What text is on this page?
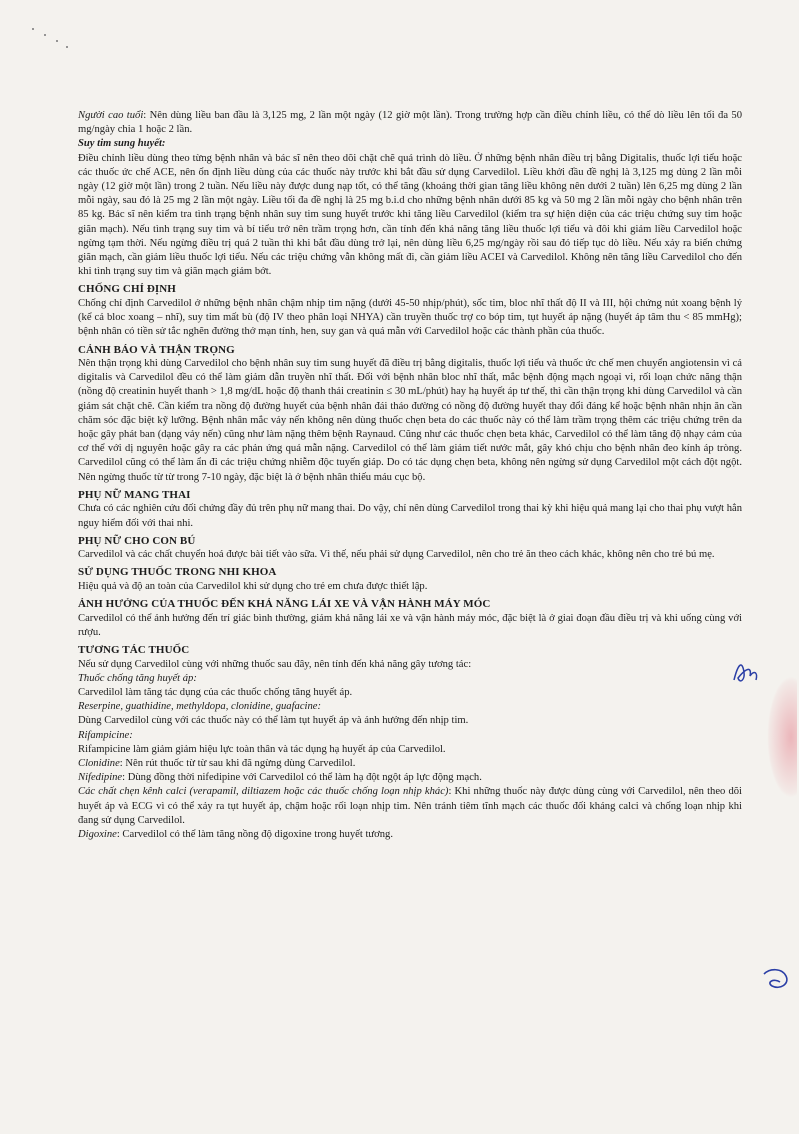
Người cao tuổi: Nên dùng liều ban đầu là 3,125 mg, 2 lần một ngày (12 giờ một lần). Trong trường hợp cần điều chỉnh liều, có thể dò liều lên tối đa 50 mg/ngày chia 1 hoặc 2 lần.

Suy tim sung huyết:

Điều chỉnh liều dùng theo từng bệnh nhân và bác sĩ nên theo dõi chặt chẽ quá trình dò liều. Ở những bệnh nhân điều trị bằng Digitalis, thuốc lợi tiểu hoặc các thuốc ức chế ACE, nên ổn định liều dùng của các thuốc này trước khi bắt đầu sử dụng Carvedilol. Liều khởi đầu đề nghị là 3,125 mg dùng 2 lần mỗi ngày (12 giờ một lần) trong 2 tuần. Nếu liều này được dung nạp tốt, có thể tăng (khoảng thời gian tăng liều không nên dưới 2 tuần) lên 6,25 mg dùng 2 lần mỗi ngày, sau đó là 25 mg 2 lần một ngày. Liều tối đa đề nghị là 25 mg b.i.d cho những bệnh nhân dưới 85 kg và 50 mg 2 lần mỗi ngày cho bệnh nhân trên 85 kg. Bác sĩ nên kiểm tra tình trạng bệnh nhân suy tim sung huyết trước khi tăng liều Carvedilol (kiểm tra sự hiện diện của các triệu chứng suy tim hoặc giãn mạch). Nếu tình trạng suy tim và bí tiểu trở nên trầm trọng hơn, cần tính đến khả năng tăng liều thuốc lợi tiểu và đôi khi giảm liều Carvedilol hoặc ngừng tạm thời. Nếu ngừng điều trị quá 2 tuần thì khi bắt đầu dùng trở lại, nên dùng liều 6,25 mg/ngày rồi sau đó tiếp tục dò liều. Nếu xảy ra biến chứng giãn mạch, cần giảm liều thuốc lợi tiểu. Nếu các triệu chứng vẫn không mất đi, cần giảm liều ACEI và Carvedilol. Không nên tăng liều Carvedilol cho đến khi tình trạng suy tim và giãn mạch giảm bớt.

CHỐNG CHỈ ĐỊNH

Chống chỉ định Carvedilol ở những bệnh nhân chậm nhịp tim nặng (dưới 45-50 nhịp/phút), sốc tim, bloc nhĩ thất độ II và III, hội chứng nút xoang bệnh lý (kể cả bloc xoang – nhĩ), suy tim mất bù (độ IV theo phân loại NHYA) cần truyền thuốc trợ co bóp tim, tụt huyết áp nặng (huyết áp tâm thu < 85 mmHg); bệnh nhân có tiền sử tắc nghẽn đường thở mạn tính, hen, suy gan và quá mẫn với Carvedilol hoặc các thành phần của thuốc.

CẢNH BÁO VÀ THẬN TRỌNG

Nên thận trọng khi dùng Carvedilol cho bệnh nhân suy tim sung huyết đã điều trị bằng digitalis, thuốc lợi tiểu và thuốc ức chế men chuyển angiotensin vì cả digitalis và Carvedilol đều có thể làm giảm dẫn truyền nhĩ thất. Đối với bệnh nhân bloc nhĩ thất, mắc bệnh động mạch ngoại vi, rối loạn chức năng thận (nồng độ creatinin huyết thanh > 1,8 mg/dL hoặc độ thanh thải creatinin ≤ 30 mL/phút) hay hạ huyết áp tư thế, thì cần thận trọng khi dùng Carvedilol và cần giám sát chặt chẽ. Cần kiểm tra nồng độ đường huyết của bệnh nhân đái tháo đường có nồng độ đường huyết thay đổi đáng kể hoặc bệnh nhân nhịn ăn cần chăm sóc đặc biệt kỹ lưỡng. Bệnh nhân mắc vảy nến không nên dùng thuốc chẹn beta do các thuốc này có thể làm trầm trọng thêm các triệu chứng trên da hoặc gây phát ban (dạng vảy nến) cũng như làm nặng thêm bệnh Raynaud. Cũng như các thuốc chẹn beta khác, Carvedilol có thể làm tăng độ nhạy cảm của cơ thể với dị nguyên hoặc gây ra các phản ứng quá mẫn nặng. Carvedilol có thể làm giảm tiết nước mắt, gây khó chịu cho bệnh nhân đeo kính áp tròng. Carvedilol cũng có thể làm ẩn đi các triệu chứng nhiễm độc tuyến giáp. Do có tác dụng chẹn beta, không nên ngừng sử dụng Carvedilol một cách đột ngột. Nên ngừng thuốc từ từ trong 7-10 ngày, đặc biệt là ở bệnh nhân thiếu máu cục bộ.

PHỤ NỮ MANG THAI

Chưa có các nghiên cứu đối chứng đầy đủ trên phụ nữ mang thai. Do vậy, chỉ nên dùng Carvedilol trong thai kỳ khi hiệu quả mang lại cho thai phụ vượt hẳn nguy hiểm đối với thai nhi.

PHỤ NỮ CHO CON BÚ

Carvedilol và các chất chuyển hoá được bài tiết vào sữa. Vì thế, nếu phải sử dụng Carvedilol, nên cho trẻ ăn theo cách khác, không nên cho trẻ bú mẹ.

SỬ DỤNG THUỐC TRONG NHI KHOA

Hiệu quả và độ an toàn của Carvedilol khi sử dụng cho trẻ em chưa được thiết lập.

ẢNH HƯỞNG CỦA THUỐC ĐẾN KHẢ NĂNG LÁI XE VÀ VẬN HÀNH MÁY MÓC

Carvedilol có thể ảnh hưởng đến trí giác bình thường, giảm khả năng lái xe và vận hành máy móc, đặc biệt là ở giai đoạn đầu điều trị và khi uống cùng với rượu.

TƯƠNG TÁC THUỐC

Nếu sử dụng Carvedilol cùng với những thuốc sau đây, nên tính đến khả năng gây tương tác:

Thuốc chống tăng huyết áp:

Carvedilol làm tăng tác dụng của các thuốc chống tăng huyết áp.

Reserpine, guathidine, methyldopa, clonidine, guafacine:

Dùng Carvedilol cùng với các thuốc này có thể làm tụt huyết áp và ảnh hưởng đến nhịp tim.

Rifampicine:

Rifampicine làm giảm giảm hiệu lực toàn thân và tác dụng hạ huyết áp của Carvedilol.

Clonidine: Nên rút thuốc từ từ sau khi đã ngừng dùng Carvedilol.

Nifedipine: Dùng đồng thời nifedipine với Carvedilol có thể làm hạ đột ngột áp lực động mạch.

Các chất chẹn kênh calci (verapamil, diltiazem hoặc các thuốc chống loạn nhịp khác): Khi những thuốc này được dùng cùng với Carvedilol, nên theo dõi huyết áp và ECG vì có thể xảy ra tụt huyết áp, chậm hoặc rối loạn nhịp tim. Nên tránh tiêm tĩnh mạch các thuốc đối kháng calci và chống loạn nhịp khi đang sử dụng Carvedilol.

Digoxine: Carvedilol có thể làm tăng nồng độ digoxine trong huyết tương.
